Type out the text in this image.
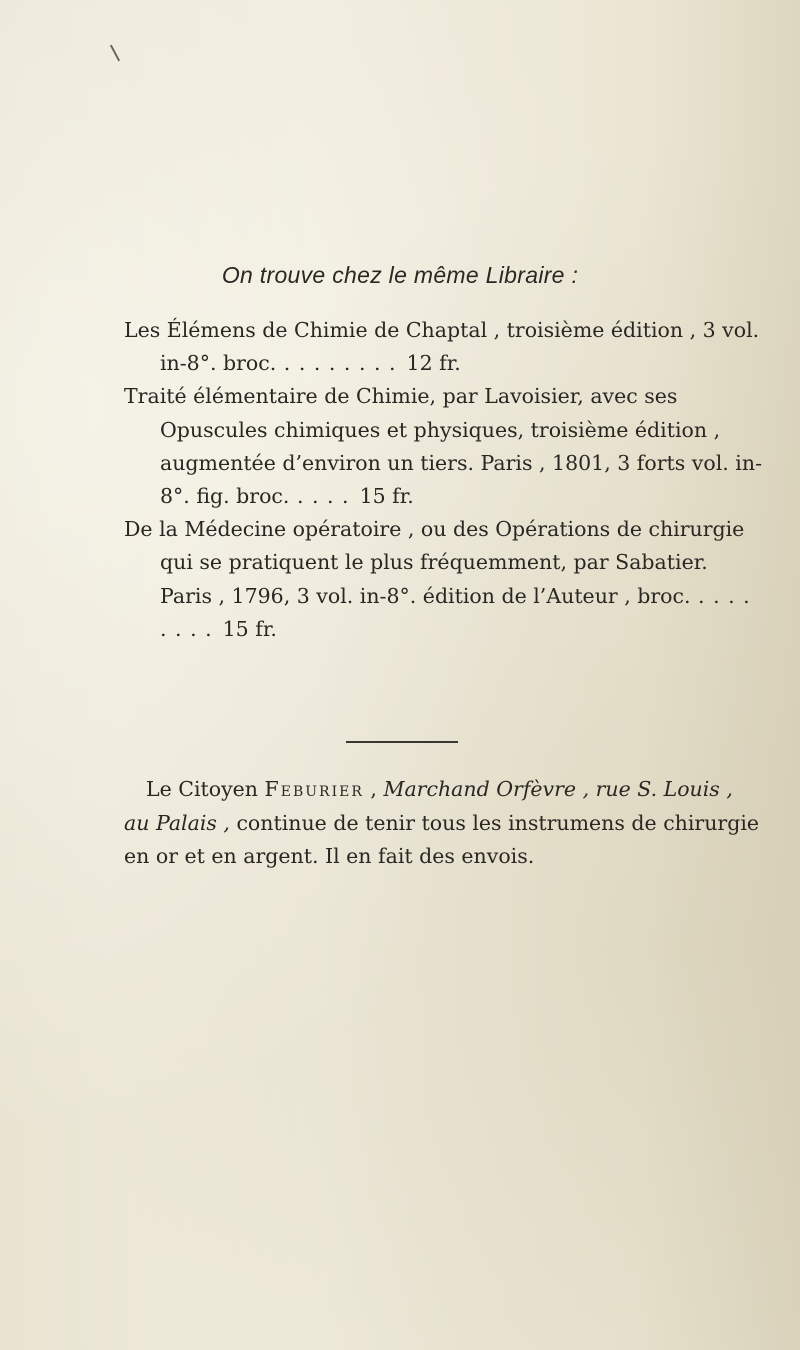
On trouve chez le même Libraire :
Les Élémens de Chimie de Chaptal , troisième édition , 3 vol. in-8°. broc. . . . . . . . . 12 fr.
Traité élémentaire de Chimie, par Lavoisier, avec ses Opuscules chimiques et physiques, troisième édition , augmentée d’environ un tiers. Paris , 1801, 3 forts vol. in-8°. fig. broc. . . . . 15 fr.
De la Médecine opératoire , ou des Opérations de chirurgie qui se pratiquent le plus fréquemment, par Sabatier. Paris , 1796, 3 vol. in-8°. édition de l’Auteur , broc. . . . . . . . . 15 fr.
Le Citoyen Feburier , Marchand Orfèvre , rue S. Louis , au Palais , continue de tenir tous les instrumens de chirurgie en or et en argent. Il en fait des envois.
